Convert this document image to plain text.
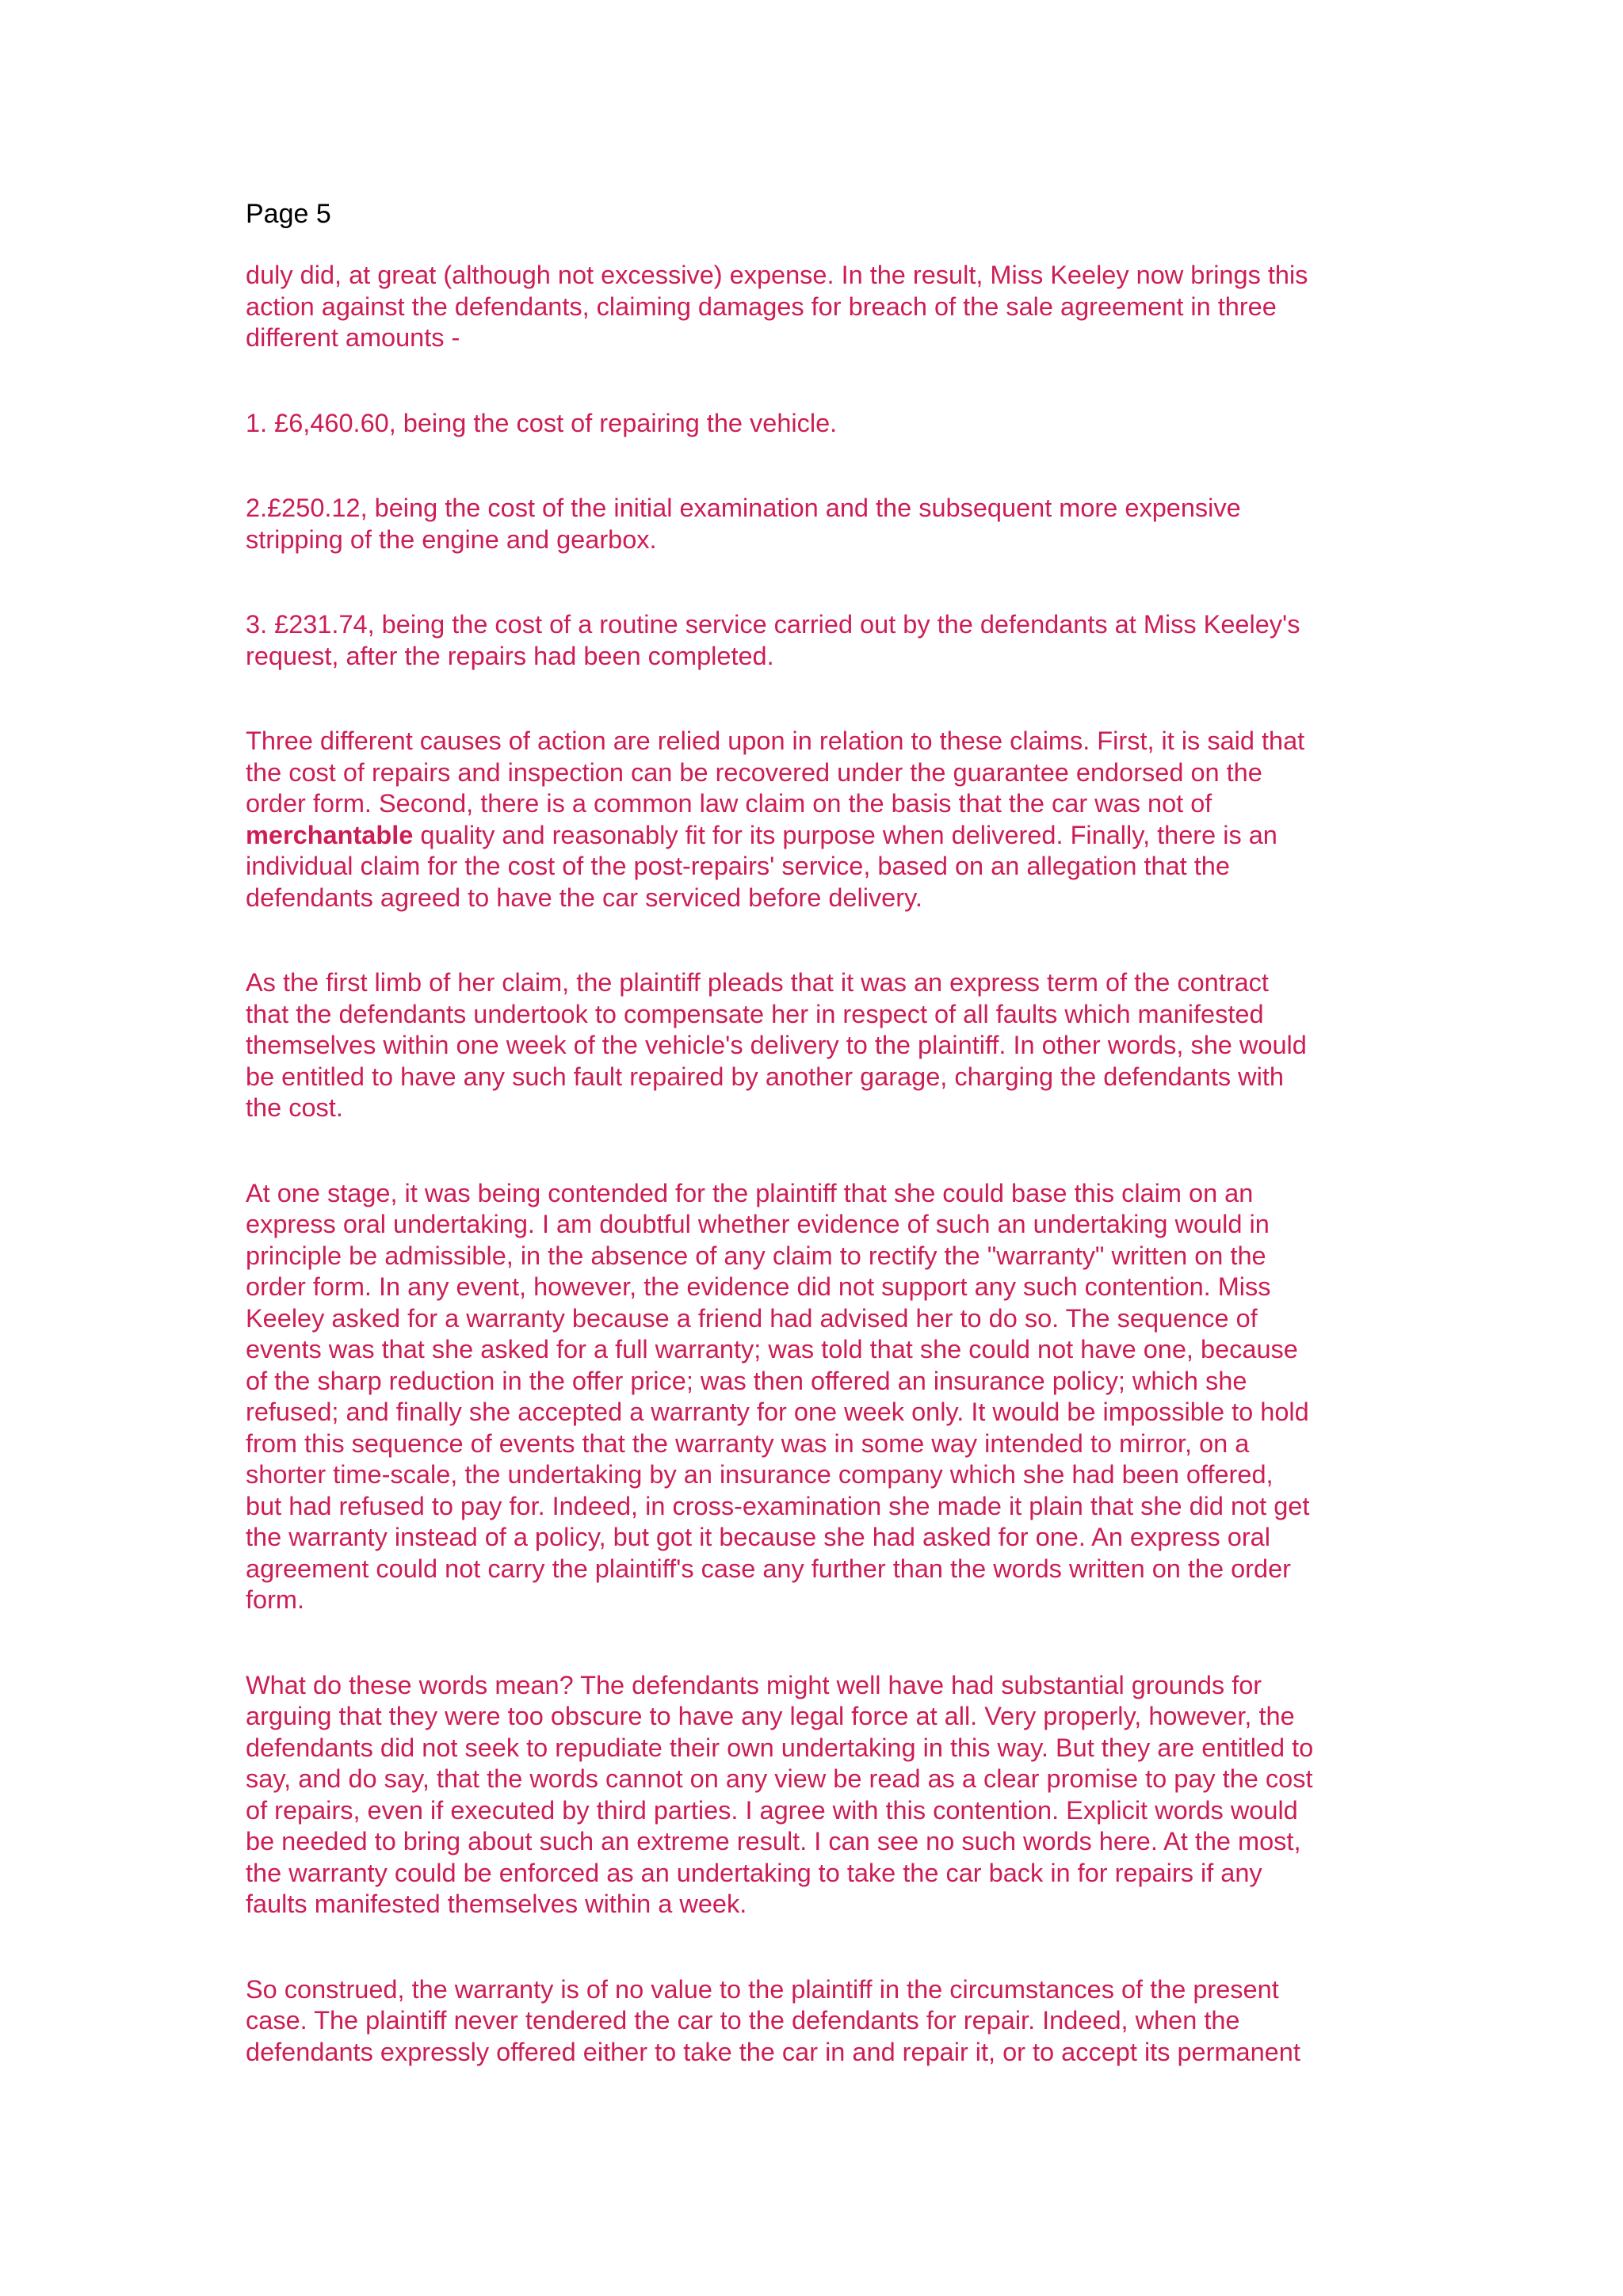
Page 5
duly did, at great (although not excessive) expense. In the result, Miss Keeley now brings this
action against the defendants, claiming damages for breach of the sale agreement in three
different amounts -
1. £6,460.60, being the cost of repairing the vehicle.
2.£250.12, being the cost of the initial examination and the subsequent more expensive
stripping of the engine and gearbox.
3. £231.74, being the cost of a routine service carried out by the defendants at Miss Keeley's
request, after the repairs had been completed.
Three different causes of action are relied upon in relation to these claims. First, it is said that
the cost of repairs and inspection can be recovered under the guarantee endorsed on the
order form. Second, there is a common law claim on the basis that the car was not of
merchantable quality and reasonably fit for its purpose when delivered. Finally, there is an
individual claim for the cost of the post-repairs' service, based on an allegation that the
defendants agreed to have the car serviced before delivery.
As the first limb of her claim, the plaintiff pleads that it was an express term of the contract
that the defendants undertook to compensate her in respect of all faults which manifested
themselves within one week of the vehicle's delivery to the plaintiff. In other words, she would
be entitled to have any such fault repaired by another garage, charging the defendants with
the cost.
At one stage, it was being contended for the plaintiff that she could base this claim on an
express oral undertaking. I am doubtful whether evidence of such an undertaking would in
principle be admissible, in the absence of any claim to rectify the "warranty" written on the
order form. In any event, however, the evidence did not support any such contention. Miss
Keeley asked for a warranty because a friend had advised her to do so. The sequence of
events was that she asked for a full warranty; was told that she could not have one, because
of the sharp reduction in the offer price; was then offered an insurance policy; which she
refused; and finally she accepted a warranty for one week only. It would be impossible to hold
from this sequence of events that the warranty was in some way intended to mirror, on a
shorter time-scale, the undertaking by an insurance company which she had been offered,
but had refused to pay for. Indeed, in cross-examination she made it plain that she did not get
the warranty instead of a policy, but got it because she had asked for one. An express oral
agreement could not carry the plaintiff's case any further than the words written on the order
form.
What do these words mean? The defendants might well have had substantial grounds for
arguing that they were too obscure to have any legal force at all. Very properly, however, the
defendants did not seek to repudiate their own undertaking in this way. But they are entitled to
say, and do say, that the words cannot on any view be read as a clear promise to pay the cost
of repairs, even if executed by third parties. I agree with this contention. Explicit words would
be needed to bring about such an extreme result. I can see no such words here. At the most,
the warranty could be enforced as an undertaking to take the car back in for repairs if any
faults manifested themselves within a week.
So construed, the warranty is of no value to the plaintiff in the circumstances of the present
case. The plaintiff never tendered the car to the defendants for repair. Indeed, when the
defendants expressly offered either to take the car in and repair it, or to accept its permanent
